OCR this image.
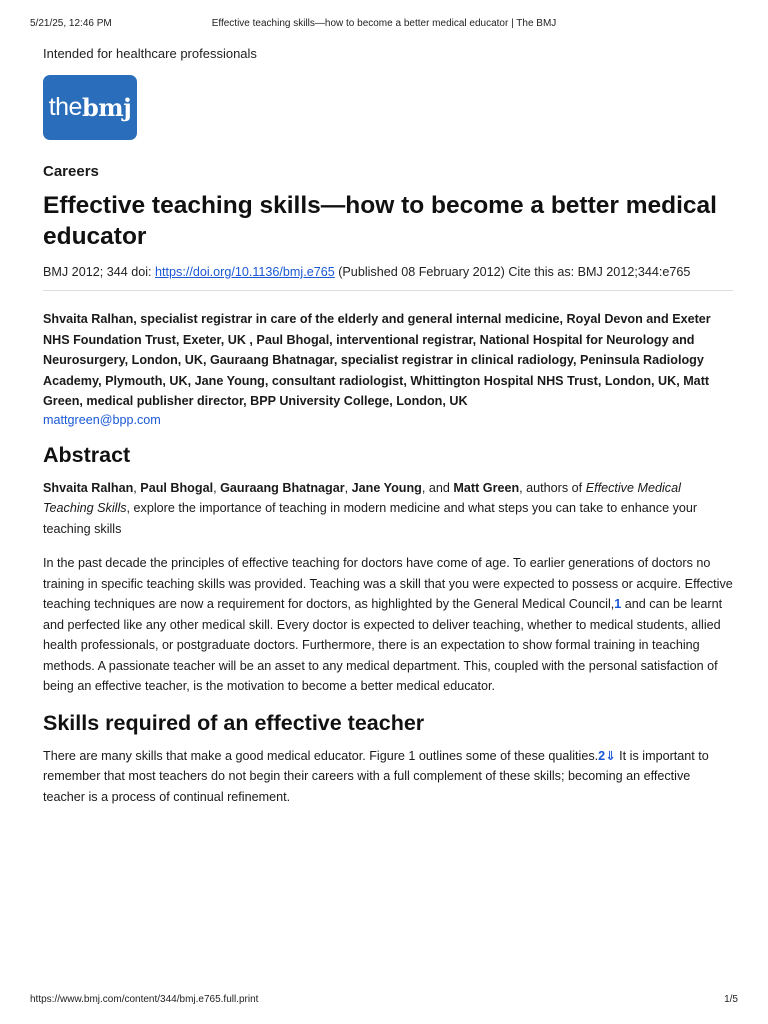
5/21/25, 12:46 PM	Effective teaching skills—how to become a better medical educator | The BMJ
Intended for healthcare professionals
the bmj
Careers
Effective teaching skills—how to become a better medical educator
BMJ 2012; 344 doi: https://doi.org/10.1136/bmj.e765 (Published 08 February 2012) Cite this as: BMJ 2012;344:e765

Shvaita Ralhan, specialist registrar in care of the elderly and general internal medicine, Royal Devon and Exeter NHS Foundation Trust, Exeter, UK , Paul Bhogal, interventional registrar, National Hospital for Neurology and Neurosurgery, London, UK, Gauraang Bhatnagar, specialist registrar in clinical radiology, Peninsula Radiology Academy, Plymouth, UK, Jane Young, consultant radiologist, Whittington Hospital NHS Trust, London, UK, Matt Green, medical publisher director, BPP University College, London, UK

mattgreen@bpp.com
Abstract

Shvaita Ralhan, Paul Bhogal, Gauraang Bhatnagar, Jane Young, and Matt Green, authors of Effective Medical Teaching Skills, explore the importance of teaching in modern medicine and what steps you can take to enhance your teaching skills

In the past decade the principles of effective teaching for doctors have come of age. To earlier generations of doctors no training in specific teaching skills was provided. Teaching was a skill that you were expected to possess or acquire. Effective teaching techniques are now a requirement for doctors, as highlighted by the General Medical Council,1 and can be learnt and perfected like any other medical skill. Every doctor is expected to deliver teaching, whether to medical students, allied health professionals, or postgraduate doctors. Furthermore, there is an expectation to show formal training in teaching methods. A passionate teacher will be an asset to any medical department. This, coupled with the personal satisfaction of being an effective teacher, is the motivation to become a better medical educator.

Skills required of an effective teacher

There are many skills that make a good medical educator. Figure 1 outlines some of these qualities.2⇓ It is important to remember that most teachers do not begin their careers with a full complement of these skills; becoming an effective teacher is a process of continual refinement.

https://www.bmj.com/content/344/bmj.e765.full.print	1/5
